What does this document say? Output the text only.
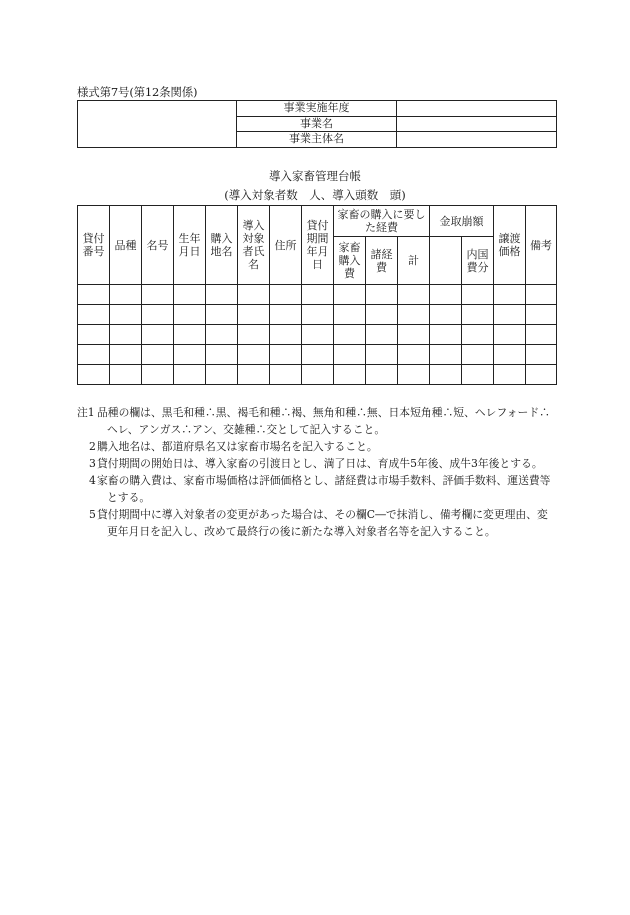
様式第7号(第12条関係)
	事業実施年度	
	事業名	
	事業主体名	
導入家畜管理台帳
(導入対象者数　人、導入頭数　頭)
貸付番号	品種	名号	生年月日	購入地名	導入対象者氏名	住所	貸付期間年月日	家畜の購入に要した経費			金取崩額		譲渡価格	備考
								家畜購入費	諸経費	計		内国費分		

注1 品種の欄は、黒毛和種∴黒、褐毛和種∴褐、無角和種∴無、日本短角種∴短、ヘレフォード∴ヘレ、アンガス∴アン、交雑種∴交として記入すること。
2 購入地名は、都道府県名又は家畜市場名を記入すること。
3 貸付期間の開始日は、導入家畜の引渡日とし、満了日は、育成牛5年後、成牛3年後とする。
4 家畜の購入費は、家畜市場価格は評価価格とし、諸経費は市場手数料、評価手数料、運送費等とする。
5 貸付期間中に導入対象者の変更があった場合は、その欄C―で抹消し、備考欄に変更理由、変更年月日を記入し、改めて最終行の後に新たな導入対象者名等を記入すること。
